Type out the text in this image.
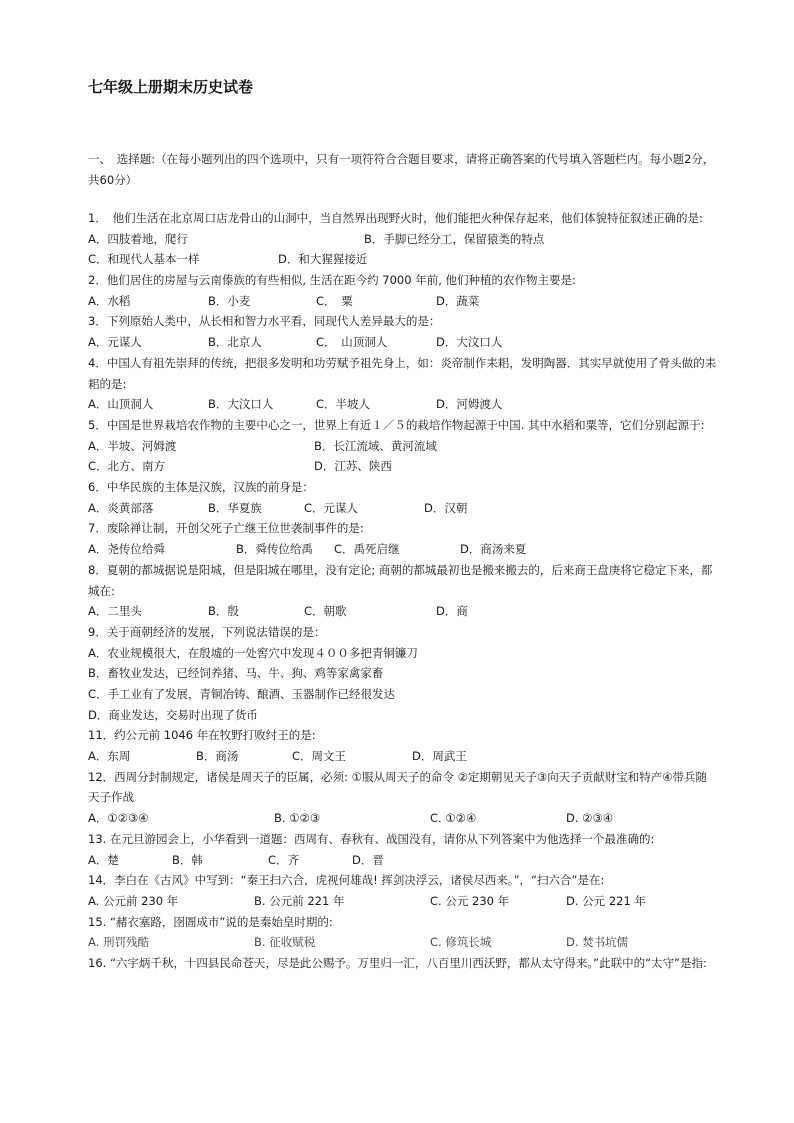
七年级上册期末历史试卷
一、　选择题:（在每小题列出的四个选项中，只有一项符符合合题目要求，请将正确答案的代号填入答题栏内。每小题2分，共60分）
1．　他们生活在北京周口店龙骨山的山洞中，当自然界出现野火时，他们能把火种保存起来，他们体貌特征叙述正确的是:
A．四肢着地，爬行	B．手脚已经分工，保留猿类的特点
C．和现代人基本一样	D．和大猩猩接近
2．他们居住的房屋与云南傣族的有些相似, 生活在距今约 7000 年前, 他们种植的农作物主要是:
A．水稻	B．小麦	C．　粟	D．蔬菜
3．下列原始人类中，从长相和智力水平看，同现代人差异最大的是：
A．元谋人	B．北京人	C．　山顶洞人	D．大汶口人
4．中国人有祖先崇拜的传统，把很多发明和功劳赋予祖先身上，如：炎帝制作耒耜，发明陶器．其实早就使用了骨头做的耒耜的是:
A．山顶洞人	B．大汶口人	C．半坡人	D．河姆渡人
5．中国是世界栽培农作物的主要中心之一，世界上有近１／５的栽培作物起源于中国. 其中水稻和粟等，它们分别起源于:
A．半坡、河姆渡	B．长江流域、黄河流域
C．北方、南方	D．江苏、陕西
6．中华民族的主体是汉族，汉族的前身是：
A．炎黄部落	B．华夏族	C．元谋人	D．汉朝
7．废除禅让制，开创父死子亡继王位世袭制事件的是:
A．尧传位给舜	B．舜传位给禹 C．禹死启继	D．商汤来夏
8．夏朝的都城据说是阳城，但是阳城在哪里，没有定论; 商朝的都城最初也是搬来搬去的，后来商王盘庚将它稳定下来，都城在:
A．二里头	B．殷	C．朝歌	D．商
9．关于商朝经济的发展，下列说法错误的是：
A．农业规模很大，在殷墟的一处窖穴中发现４００多把青铜镰刀
B．畜牧业发达，已经饲养猪、马、牛、狗、鸡等家禽家畜
C．手工业有了发展，青铜冶铸、酿酒、玉器制作已经很发达
D．商业发达，交易时出现了货币
11．约公元前 1046 年在牧野打败纣王的是:
A．东周	B．商汤	C．周文王	D．周武王
12．西周分封制规定，诸侯是周天子的臣属，必须: ①服从周天子的命令 ②定期朝见天子③向天子贡献财宝和特产④带兵随天子作战
A．①②③④	B. ①②③	C. ①②④	D. ②③④
13. 在元旦游园会上，小华看到一道题：西周有、春秋有、战国没有，请你从下列答案中为他选择一个最准确的:
A．楚	B．韩	C．齐	D．晋
14．李白在《古风》中写到：“秦王扫六合，虎视何雄哉! 挥剑决浮云，诸侯尽西来。”，“扫六合”是在:
A. 公元前 230 年	B. 公元前 221 年	C. 公元 230 年	D. 公元 221 年
15. “赭衣塞路，囹圄成市”说的是秦始皇时期的:
A. 刑罚残酷	B. 征收赋税	C. 修筑长城	D. 焚书坑儒
16. “六宇炳千秋，十四县民命苍天，尽是此公赐予。万里归一汇，八百里川西沃野，都从太守得来。”此联中的“太守”是指:
